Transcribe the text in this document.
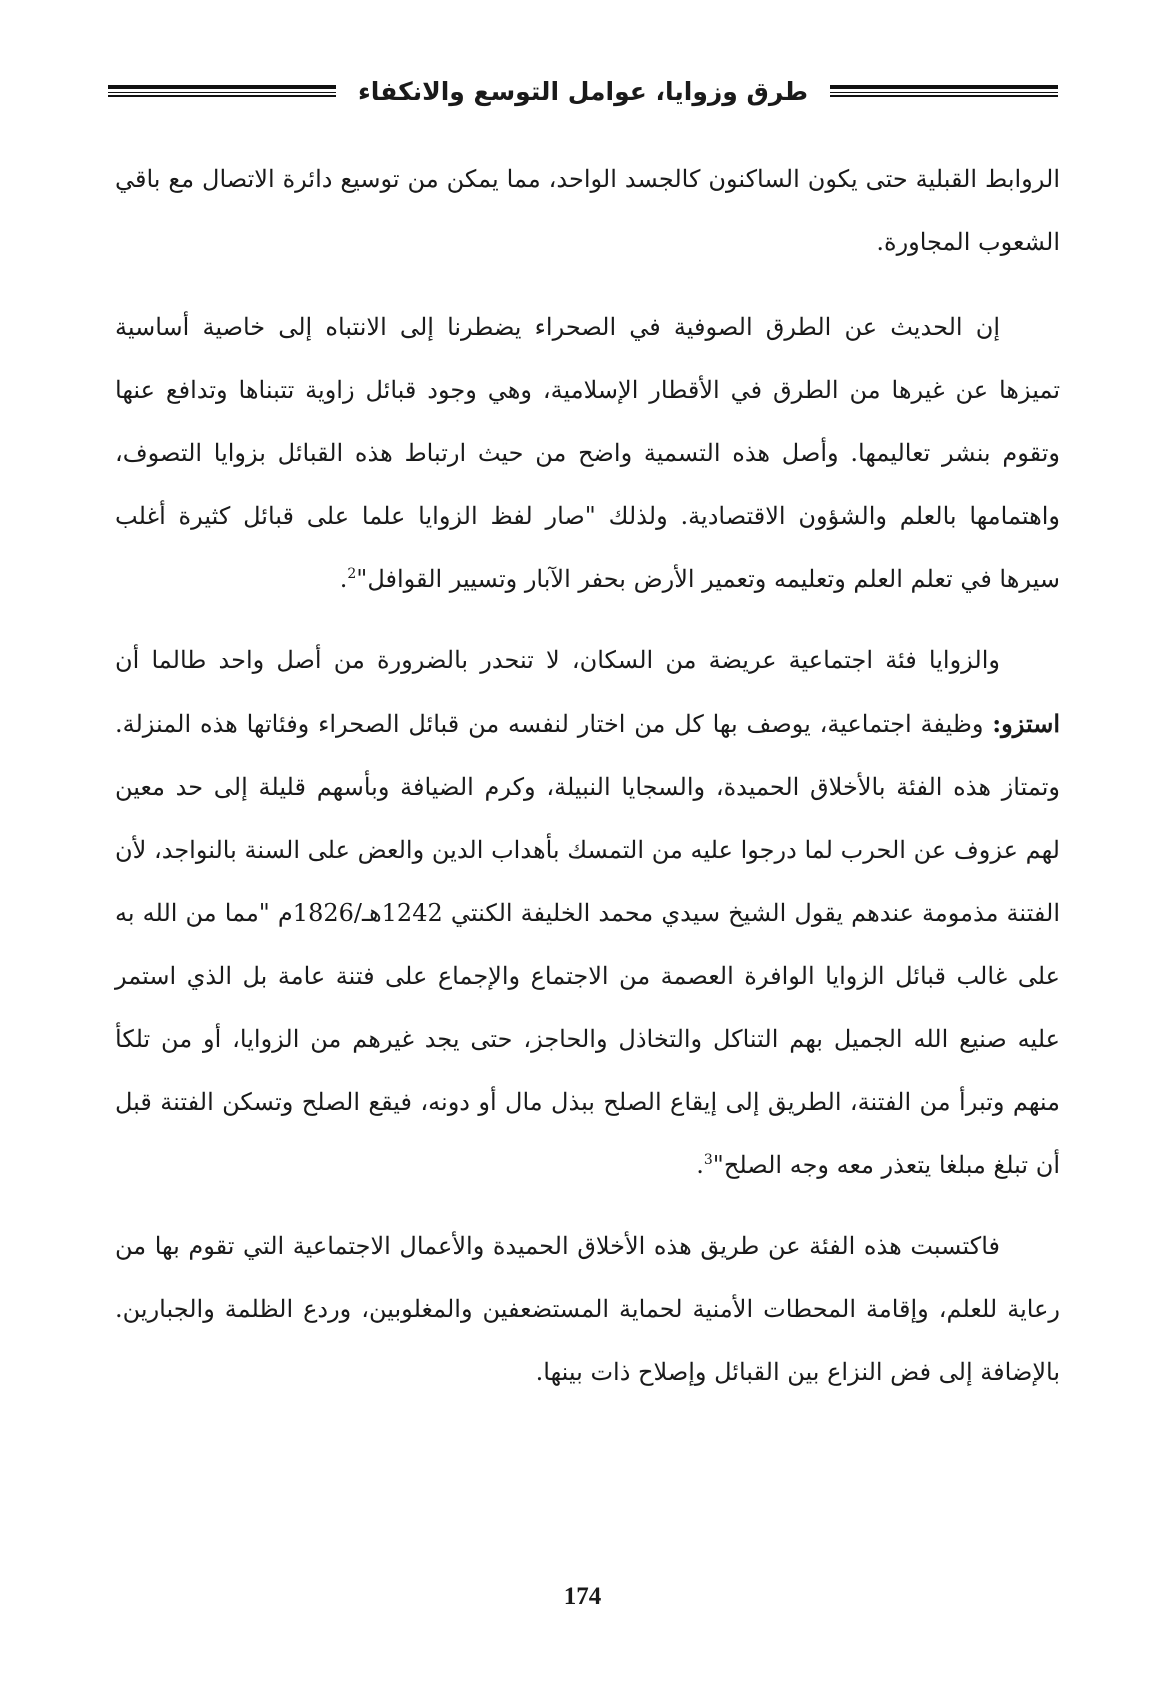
طرق وزوايا، عوامل التوسع والانكفاء

الروابط القبلية حتى يكون الساكنون كالجسد الواحد، مما يمكن من توسيع دائرة الاتصال مع باقي الشعوب المجاورة.

إن الحديث عن الطرق الصوفية في الصحراء يضطرنا إلى الانتباه إلى خاصية أساسية تميزها عن غيرها من الطرق في الأقطار الإسلامية، وهي وجود قبائل زاوية تتبناها وتدافع عنها وتقوم بنشر تعاليمها. وأصل هذه التسمية واضح من حيث ارتباط هذه القبائل بزوايا التصوف، واهتمامها بالعلم والشؤون الاقتصادية. ولذلك "صار لفظ الزوايا علما على قبائل كثيرة أغلب سيرها في تعلم العلم وتعليمه وتعمير الأرض بحفر الآبار وتسيير القوافل"$^2$.

والزوايا فئة اجتماعية عريضة من السكان، لا تنحدر بالضرورة من أصل واحد طالما أن استزو: وظيفة اجتماعية، يوصف بها كل من اختار لنفسه من قبائل الصحراء وفئاتها هذه المنزلة. وتمتاز هذه الفئة بالأخلاق الحميدة، والسجايا النبيلة، وكرم الضيافة وبأسهم قليلة إلى حد معين لهم عزوف عن الحرب لما درجوا عليه من التمسك بأهداب الدين والعض على السنة بالنواجد، لأن الفتنة مذمومة عندهم يقول الشيخ سيدي محمد الخليفة الكنتي 1242هـ/1826م "مما من الله به على غالب قبائل الزوايا الوافرة العصمة من الاجتماع والإجماع على فتنة عامة بل الذي استمر عليه صنيع الله الجميل بهم التناكل والتخاذل والحاجز، حتى يجد غيرهم من الزوايا، أو من تلكأ منهم وتبرأ من الفتنة، الطريق إلى إيقاع الصلح ببذل مال أو دونه، فيقع الصلح وتسكن الفتنة قبل أن تبلغ مبلغا يتعذر معه وجه الصلح"$^3$.

فاكتسبت هذه الفئة عن طريق هذه الأخلاق الحميدة والأعمال الاجتماعية التي تقوم بها من رعاية للعلم، وإقامة المحطات الأمنية لحماية المستضعفين والمغلوبين، وردع الظلمة والجبارين. بالإضافة إلى فض النزاع بين القبائل وإصلاح ذات بينها.

174
